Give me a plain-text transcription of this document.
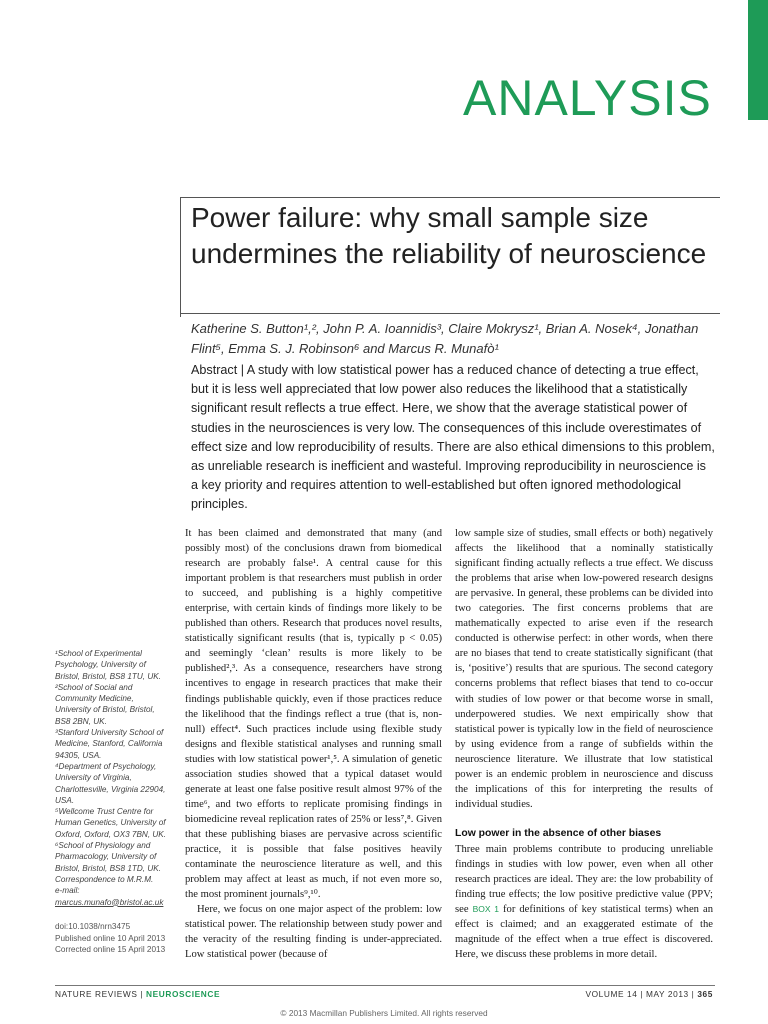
ANALYSIS
Power failure: why small sample size undermines the reliability of neuroscience
Katherine S. Button¹,², John P. A. Ioannidis³, Claire Mokrysz¹, Brian A. Nosek⁴, Jonathan Flint⁵, Emma S. J. Robinson⁶ and Marcus R. Munafò¹
Abstract | A study with low statistical power has a reduced chance of detecting a true effect, but it is less well appreciated that low power also reduces the likelihood that a statistically significant result reflects a true effect. Here, we show that the average statistical power of studies in the neurosciences is very low. The consequences of this include overestimates of effect size and low reproducibility of results. There are also ethical dimensions to this problem, as unreliable research is inefficient and wasteful. Improving reproducibility in neuroscience is a key priority and requires attention to well-established but often ignored methodological principles.
¹School of Experimental Psychology, University of Bristol, Bristol, BS8 1TU, UK.
²School of Social and Community Medicine, University of Bristol, Bristol, BS8 2BN, UK.
³Stanford University School of Medicine, Stanford, California 94305, USA.
⁴Department of Psychology, University of Virginia, Charlottesville, Virginia 22904, USA.
⁵Wellcome Trust Centre for Human Genetics, University of Oxford, Oxford, OX3 7BN, UK.
⁶School of Physiology and Pharmacology, University of Bristol, Bristol, BS8 1TD, UK.
Correspondence to M.R.M.
e-mail: marcus.munafo@bristol.ac.uk
doi:10.1038/nrn3475
Published online 10 April 2013
Corrected online 15 April 2013

It has been claimed and demonstrated that many (and possibly most) of the conclusions drawn from biomedical research are probably false¹. A central cause for this important problem is that researchers must publish in order to succeed, and publishing is a highly competitive enterprise, with certain kinds of findings more likely to be published than others. Research that produces novel results, statistically significant results (that is, typically p < 0.05) and seemingly ‘clean’ results is more likely to be published²,³. As a consequence, researchers have strong incentives to engage in research practices that make their findings publishable quickly, even if those practices reduce the likelihood that the findings reflect a true (that is, non-null) effect⁴. Such practices include using flexible study designs and flexible statistical analyses and running small studies with low statistical power¹,⁵. A simulation of genetic association studies showed that a typical dataset would generate at least one false positive result almost 97% of the time⁶, and two efforts to replicate promising findings in biomedicine reveal replication rates of 25% or less⁷,⁸. Given that these publishing biases are pervasive across scientific practice, it is possible that false positives heavily contaminate the neuroscience literature as well, and this problem may affect at least as much, if not even more so, the most prominent journals⁹,¹⁰.

Here, we focus on one major aspect of the problem: low statistical power. The relationship between study power and the veracity of the resulting finding is under-appreciated. Low statistical power (because of

low sample size of studies, small effects or both) negatively affects the likelihood that a nominally statistically significant finding actually reflects a true effect. We discuss the problems that arise when low-powered research designs are pervasive. In general, these problems can be divided into two categories. The first concerns problems that are mathematically expected to arise even if the research conducted is otherwise perfect: in other words, when there are no biases that tend to create statistically significant (that is, ‘positive’) results that are spurious. The second category concerns problems that reflect biases that tend to co-occur with studies of low power or that become worse in small, underpowered studies. We next empirically show that statistical power is typically low in the field of neuroscience by using evidence from a range of subfields within the neuroscience literature. We illustrate that low statistical power is an endemic problem in neuroscience and discuss the implications of this for interpreting the results of individual studies.

Low power in the absence of other biases

Three main problems contribute to producing unreliable findings in studies with low power, even when all other research practices are ideal. They are: the low probability of finding true effects; the low positive predictive value (PPV; see BOX 1 for definitions of key statistical terms) when an effect is claimed; and an exaggerated estimate of the magnitude of the effect when a true effect is discovered. Here, we discuss these problems in more detail.

NATURE REVIEWS | NEUROSCIENCE	VOLUME 14 | MAY 2013 | 365
© 2013 Macmillan Publishers Limited. All rights reserved
